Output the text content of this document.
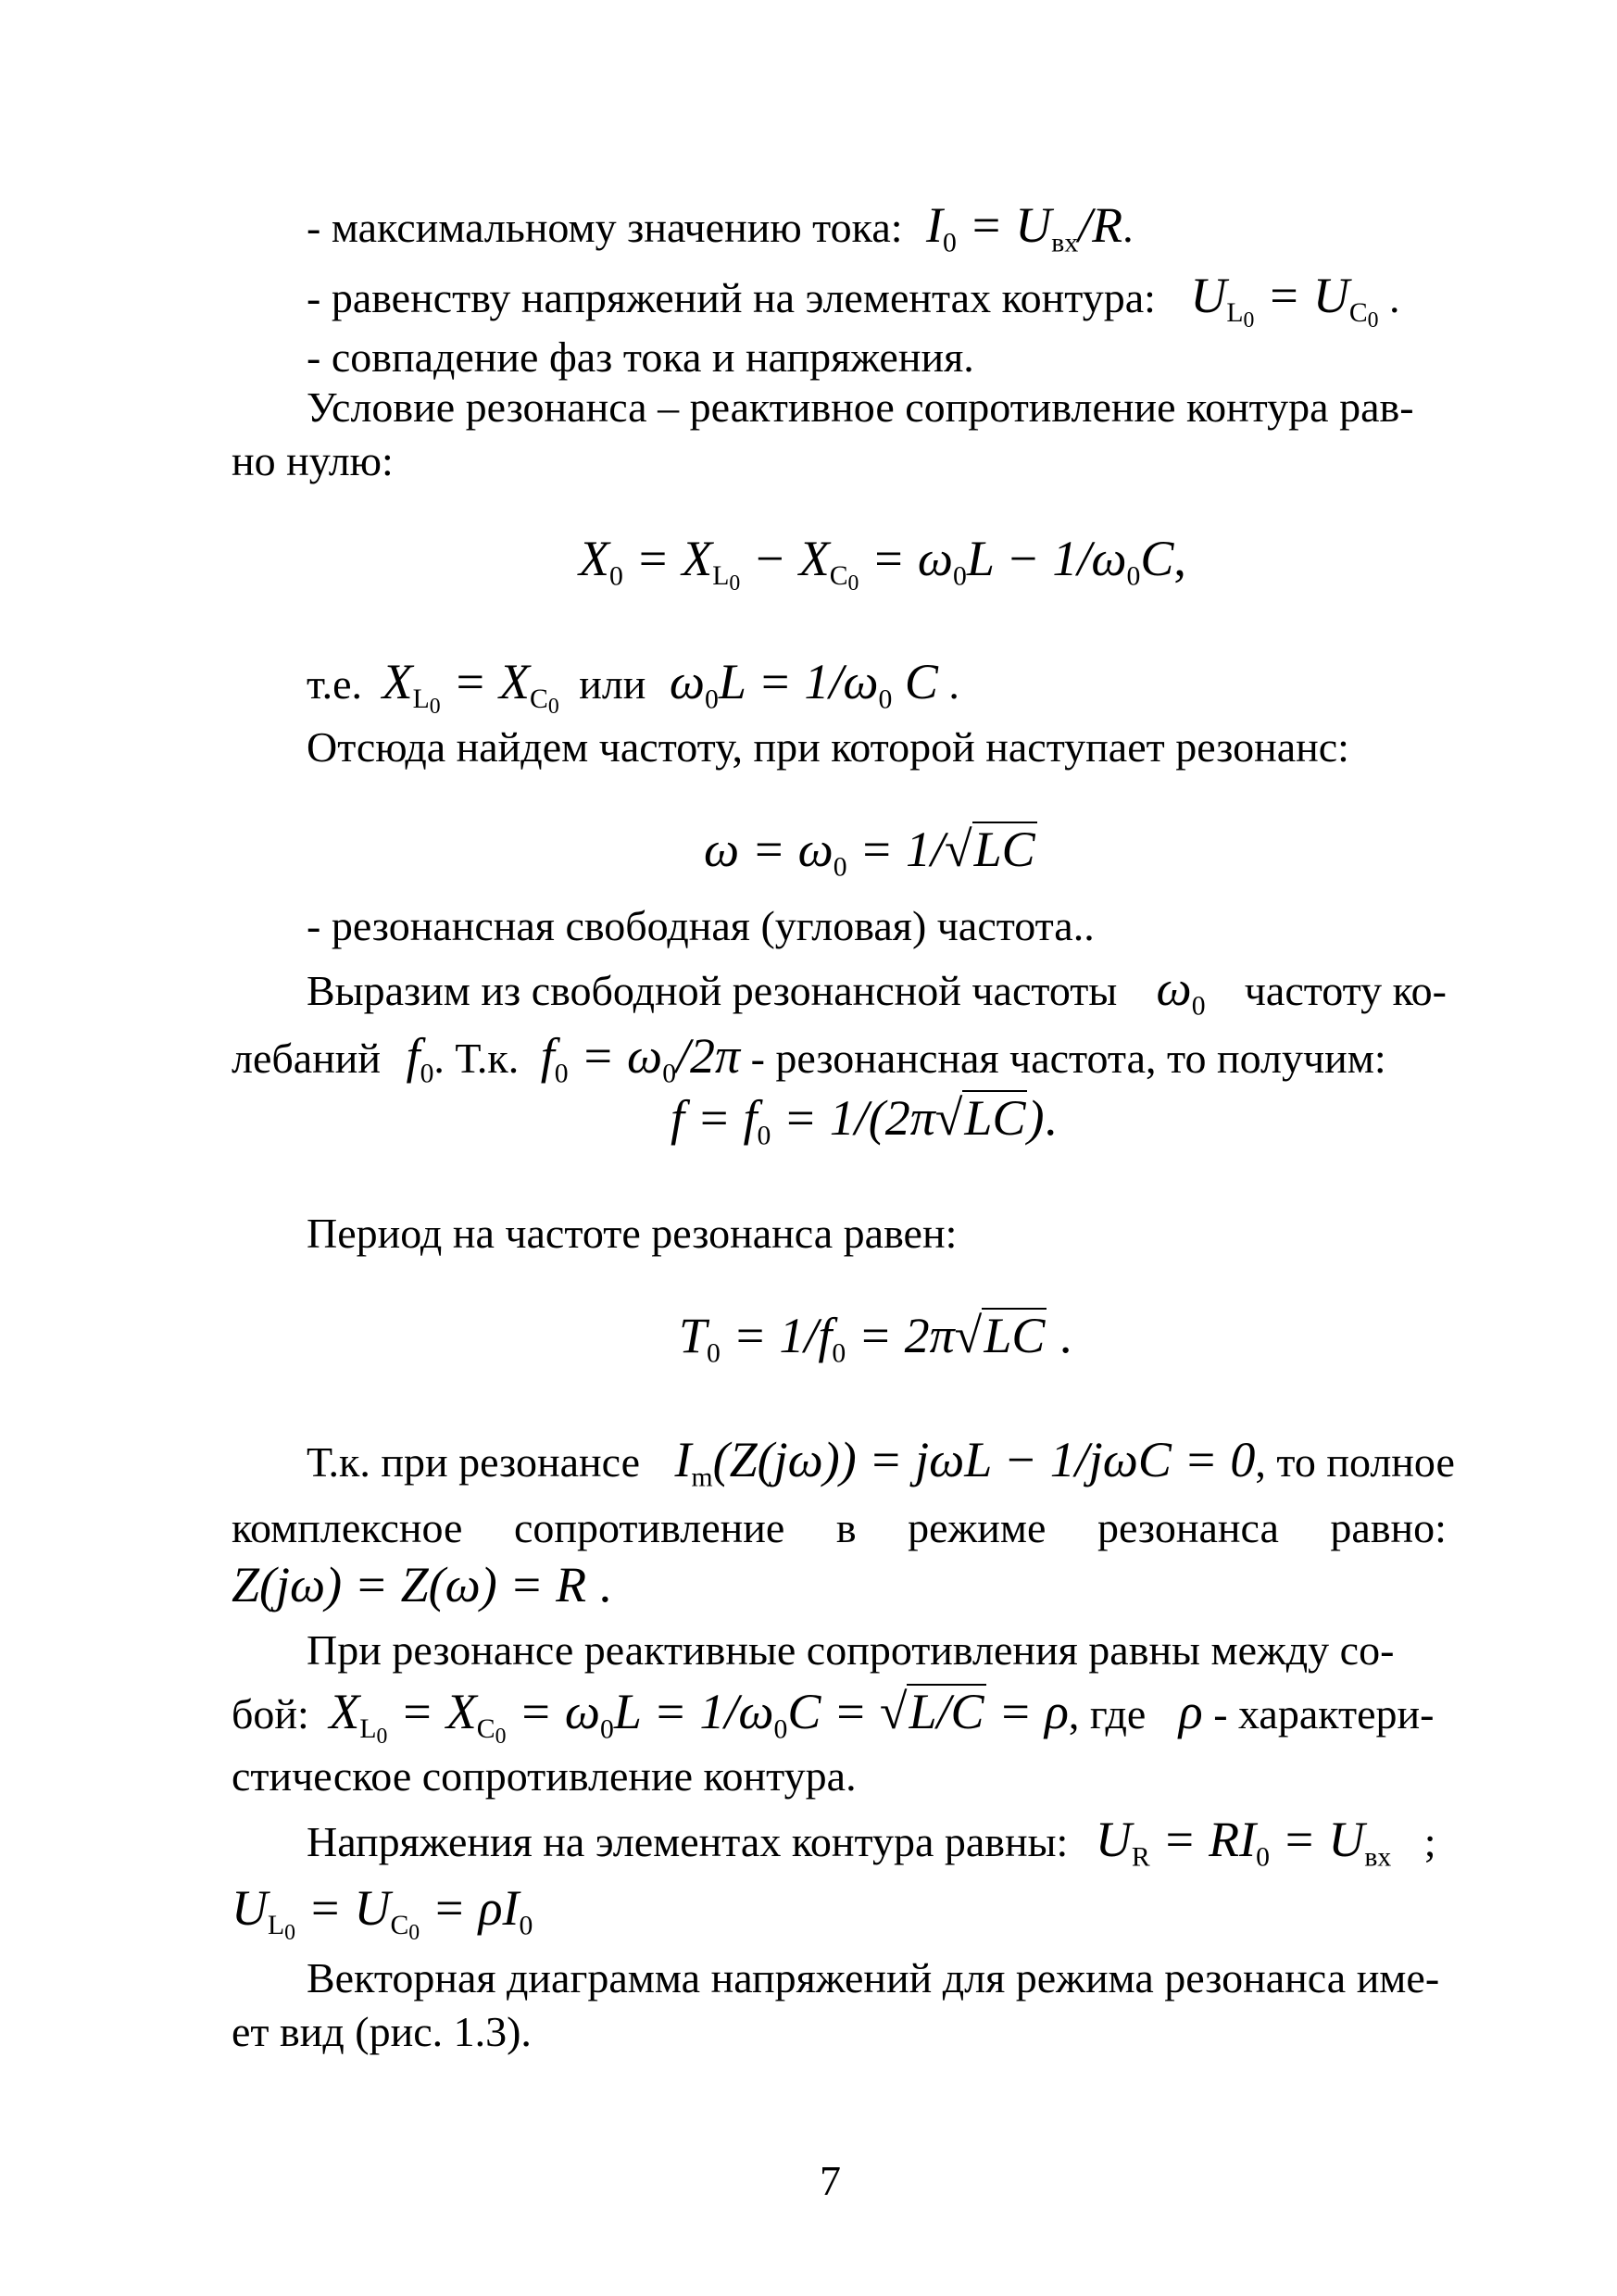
- максимальному значению тока: $I_0 = U_{вх}/R$.
- равенству напряжений на элементах контура: $U_{L_0} = U_{C_0}$ .
- совпадение фаз тока и напряжения.
Условие резонанса – реактивное сопротивление контура рав-
но нулю:
$X_0 = X_{L_0} - X_{C_0} = \omega_0L - 1/\omega_0C$,
т.е. $X_{L_0} = X_{C_0}$ или $\omega_0L = 1/\omega_0$ C .
Отсюда найдем частоту, при которой наступает резонанс:
$\omega = \omega_0 = 1/√LC$
- резонансная свободная (угловая) частота..
Выразим из свободной резонансной частоты $\omega_0$ частоту ко-
лебаний $f_0$. Т.к. $f_0 = \omega_0/2\pi$ - резонансная частота, то получим:
$f = f_0 = 1/(2\pi√LC)$.
Период на частоте резонанса равен:
$T_0 = 1/f_0 = 2\pi√LC$ .
Т.к. при резонансе $I_m(Z(j\omega)) = j\omega L - 1/j\omega C = 0$, то полное
комплексное сопротивление в режиме резонанса равно:
Z(jω) = Z(ω) = R .
При резонансе реактивные сопротивления равны между со-
бой: $X_{L_0} = X_{C_0} = \omega_0L = 1/\omega_0C = √L/C = \rho$, где ρ - характери-
стическое сопротивление контура.
Напряжения на элементах контура равны: $U_R = RI_0 = U_{вх}$ ;
$U_{L_0} = U_{C_0} = \rho I_0$
Векторная диаграмма напряжений для режима резонанса име-
ет вид (рис. 1.3).
7
